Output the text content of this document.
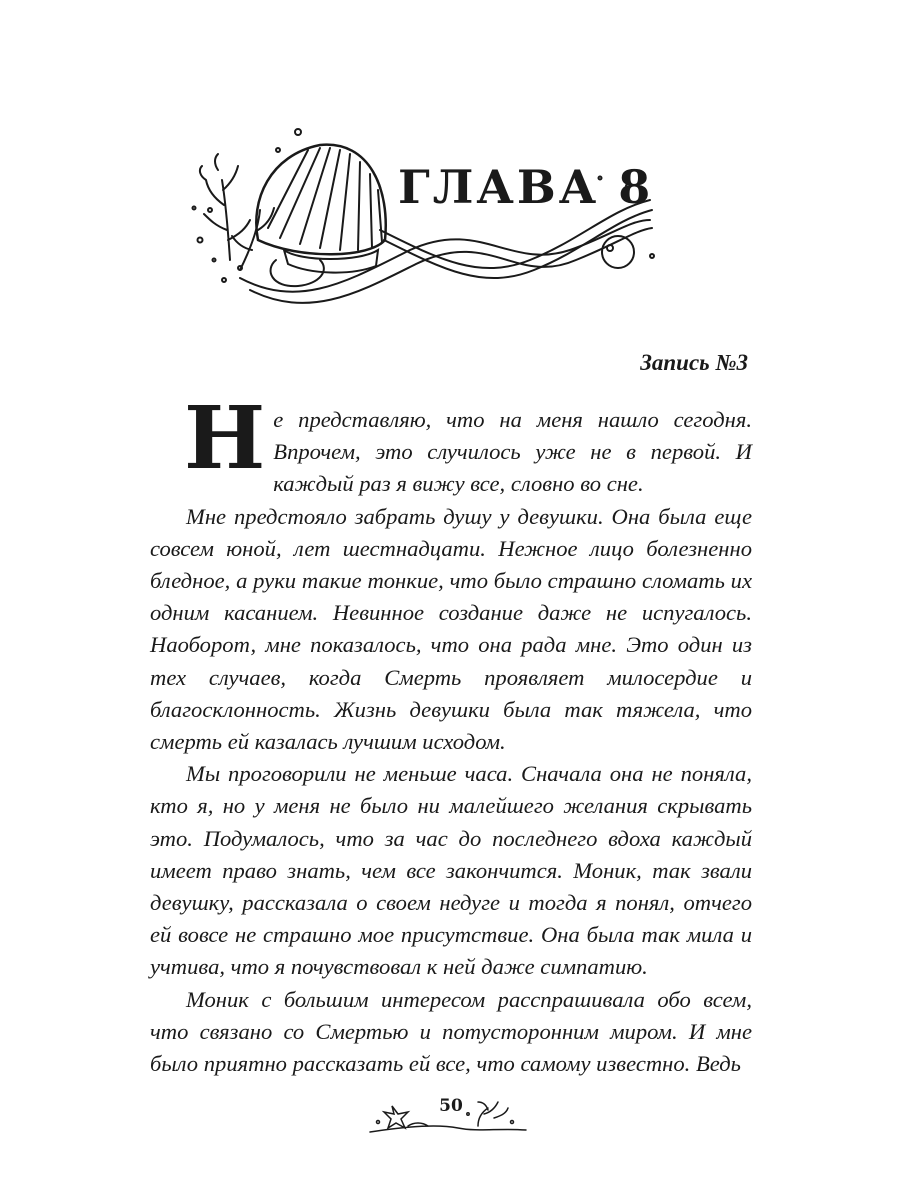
ГЛАВА 8
Запись №3

Не представляю, что на меня нашло сегодня. Впрочем, это случилось уже не в первой. И каждый раз я вижу все, словно во сне.

Мне предстояло забрать душу у девушки. Она была еще совсем юной, лет шестнадцати. Нежное лицо болезненно бледное, а руки такие тонкие, что было страшно сломать их одним касанием. Невинное создание даже не испугалось. Наоборот, мне показалось, что она рада мне. Это один из тех случаев, когда Смерть проявляет милосердие и благосклонность. Жизнь девушки была так тяжела, что смерть ей казалась лучшим исходом.

Мы проговорили не меньше часа. Сначала она не поняла, кто я, но у меня не было ни малейшего желания скрывать это. Подумалось, что за час до последнего вдоха каждый имеет право знать, чем все закончится. Моник, так звали девушку, рассказала о своем недуге и тогда я понял, отчего ей вовсе не страшно мое присутствие. Она была так мила и учтива, что я почувствовал к ней даже симпатию.

Моник с большим интересом расспрашивала обо всем, что связано со Смертью и потусторонним миром. И мне было приятно рассказать ей все, что самому известно. Ведь

50
